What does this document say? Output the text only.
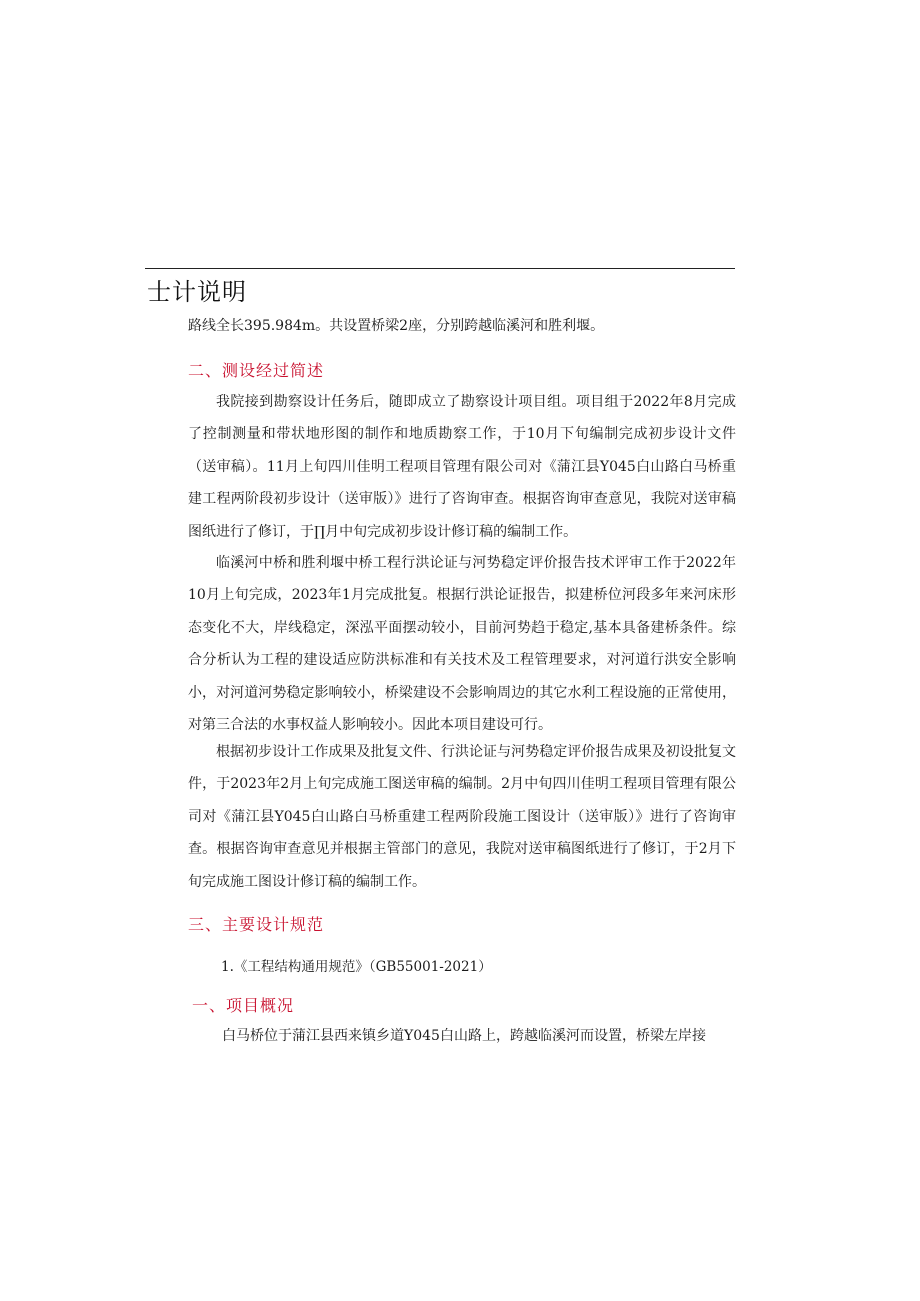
士计说明

路线全长395.984m。共设置桥梁2座，分别跨越临溪河和胜利堰。

二、测设经过简述

我院接到勘察设计任务后，随即成立了勘察设计项目组。项目组于2022年8月完成了控制测量和带状地形图的制作和地质勘察工作，于10月下旬编制完成初步设计文件（送审稿）。11月上旬四川佳明工程项目管理有限公司对《蒲江县Y045白山路白马桥重建工程两阶段初步设计（送审版）》进行了咨询审查。根据咨询审查意见，我院对送审稿图纸进行了修订，于∏月中旬完成初步设计修订稿的编制工作。

临溪河中桥和胜利堰中桥工程行洪论证与河势稳定评价报告技术评审工作于2022年10月上旬完成，2023年1月完成批复。根据行洪论证报告，拟建桥位河段多年来河床形态变化不大，岸线稳定，深泓平面摆动较小，目前河势趋于稳定,基本具备建桥条件。综合分析认为工程的建设适应防洪标准和有关技术及工程管理要求，对河道行洪安全影响小，对河道河势稳定影响较小，桥梁建设不会影响周边的其它水利工程设施的正常使用，对第三合法的水事权益人影响较小。因此本项目建设可行。

根据初步设计工作成果及批复文件、行洪论证与河势稳定评价报告成果及初设批复文件，于2023年2月上旬完成施工图送审稿的编制。2月中旬四川佳明工程项目管理有限公司对《蒲江县Y045白山路白马桥重建工程两阶段施工图设计（送审版）》进行了咨询审查。根据咨询审查意见并根据主管部门的意见，我院对送审稿图纸进行了修订，于2月下旬完成施工图设计修订稿的编制工作。

三、主要设计规范
1.《工程结构通用规范》（GB55001-2021）
一、项目概况
白马桥位于蒲江县西来镇乡道Y045白山路上，跨越临溪河而设置，桥梁左岸接
